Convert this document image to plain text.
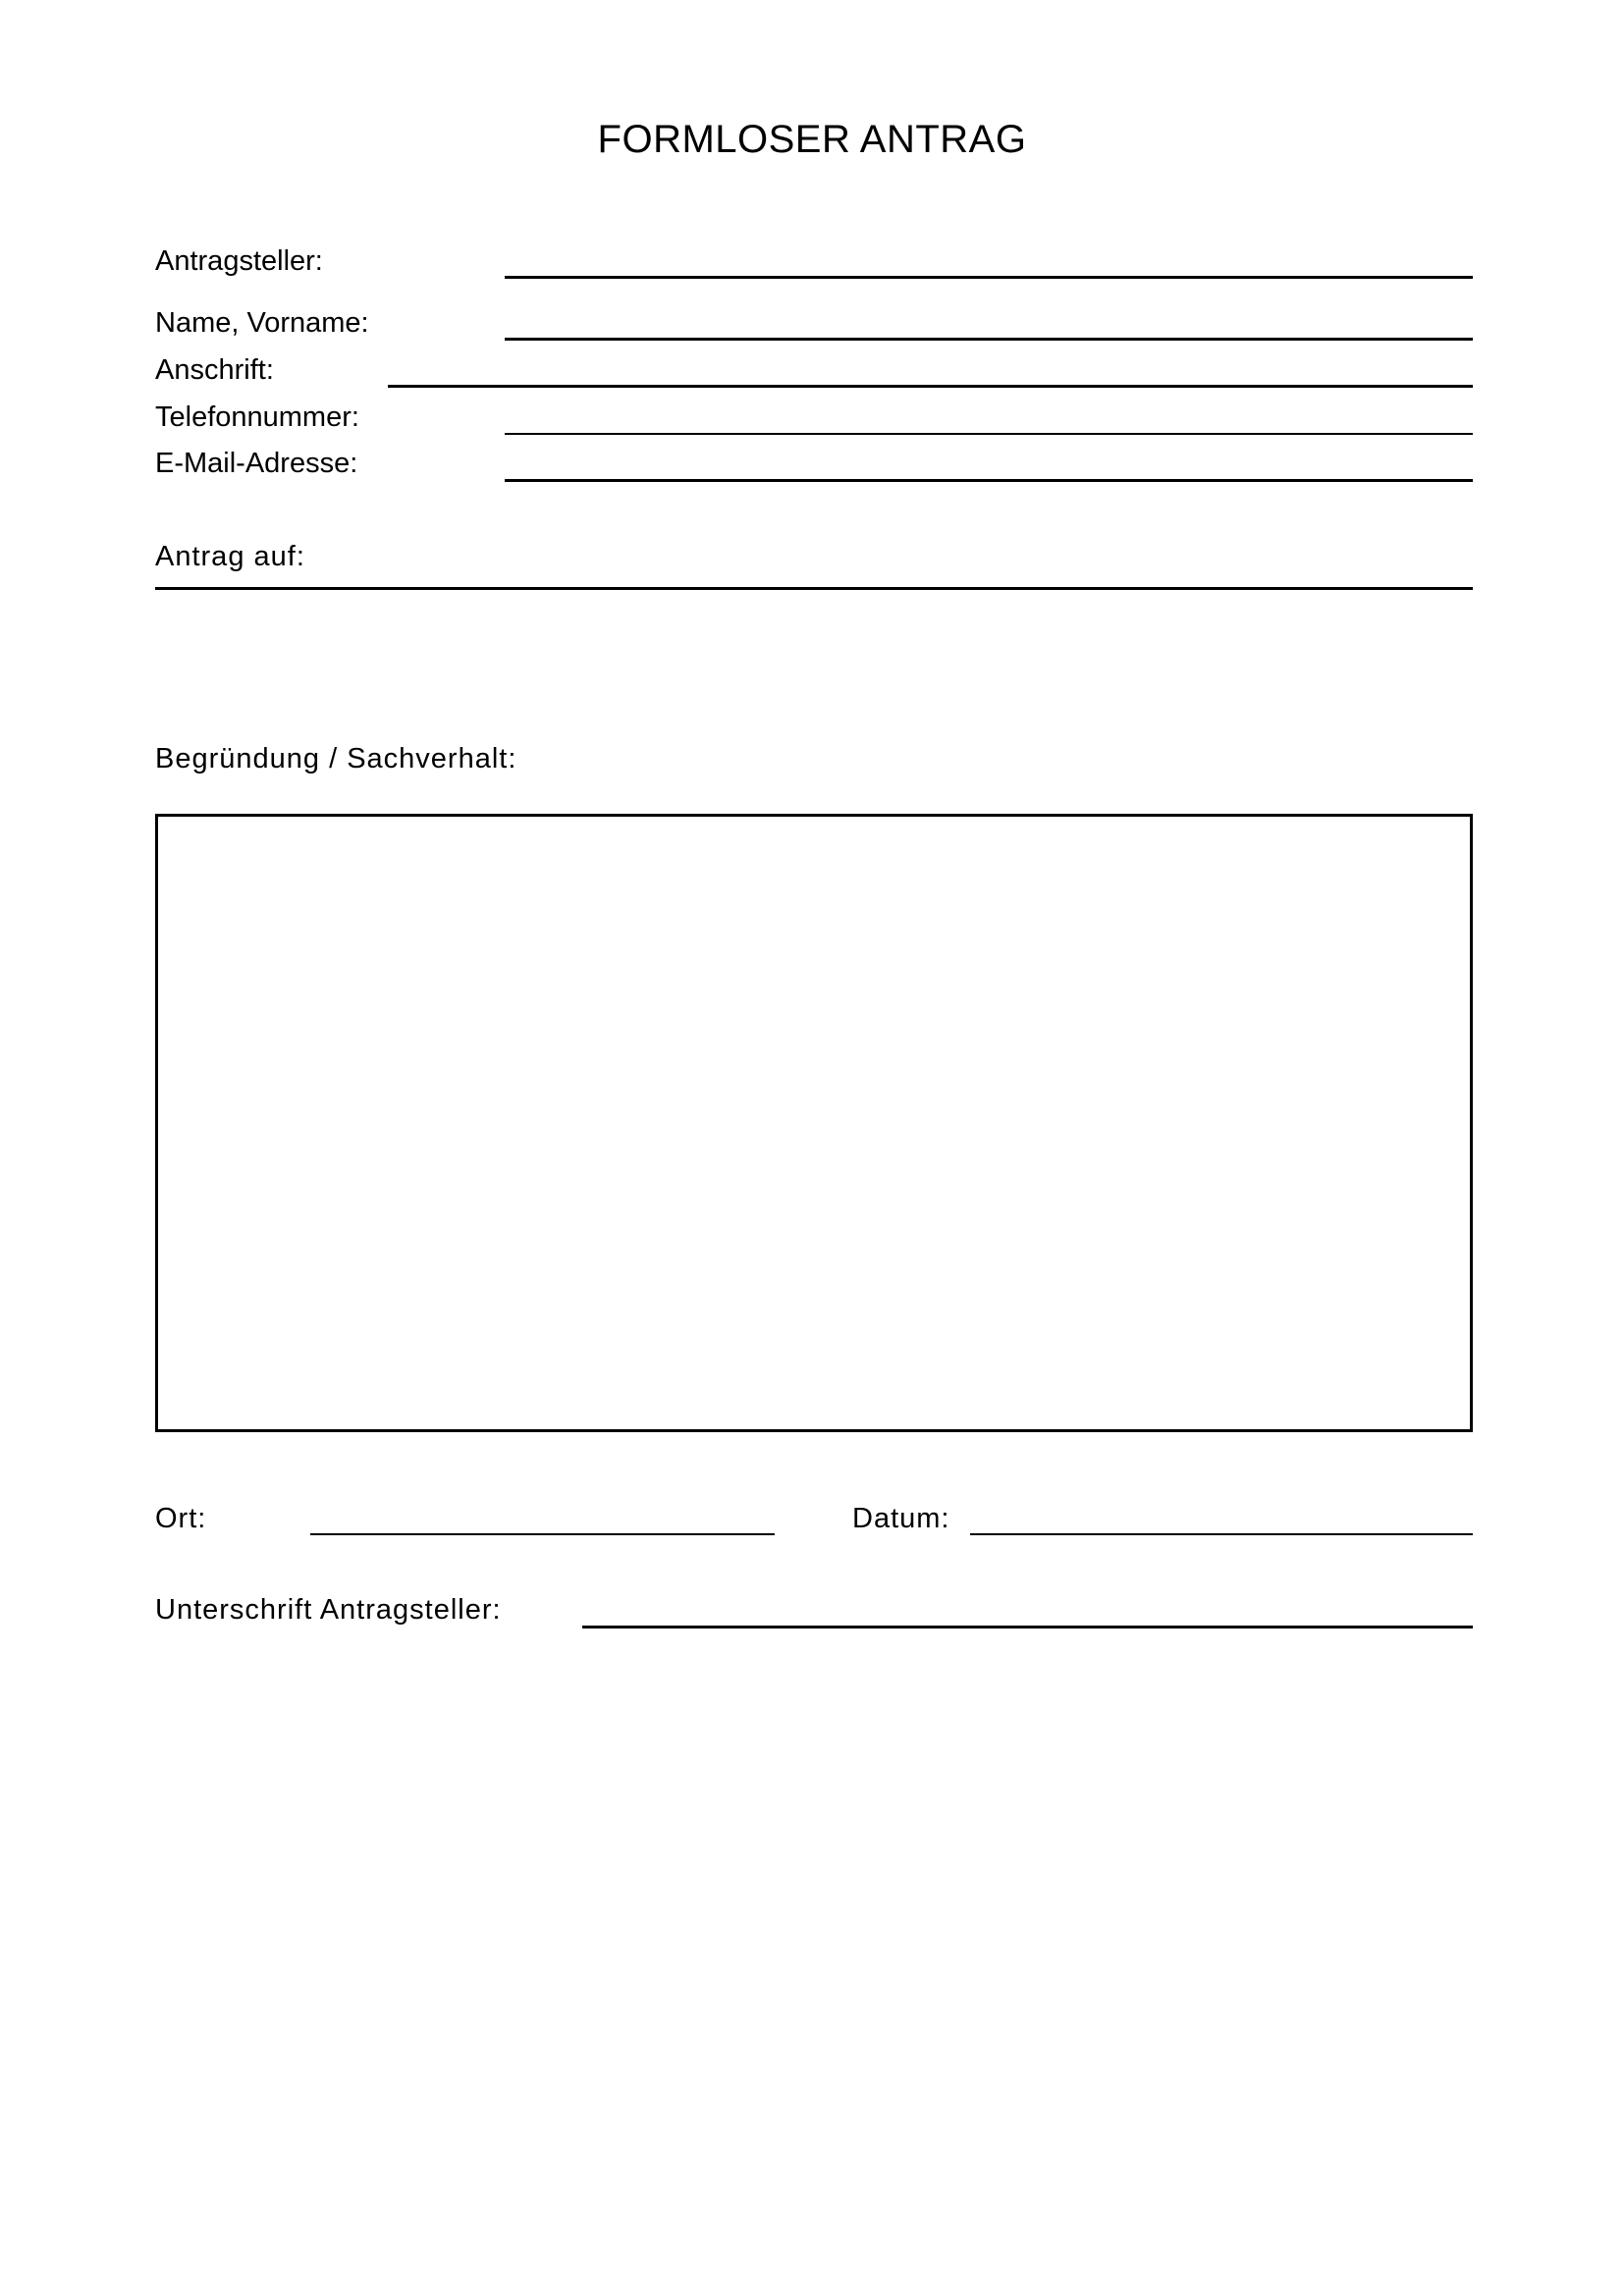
FORMLOSER ANTRAG
Antragsteller:
Name, Vorname:
Anschrift:
Telefonnummer:
E-Mail-Adresse:
Antrag auf:
Begründung / Sachverhalt:
Ort:	Datum:
Unterschrift Antragsteller:
